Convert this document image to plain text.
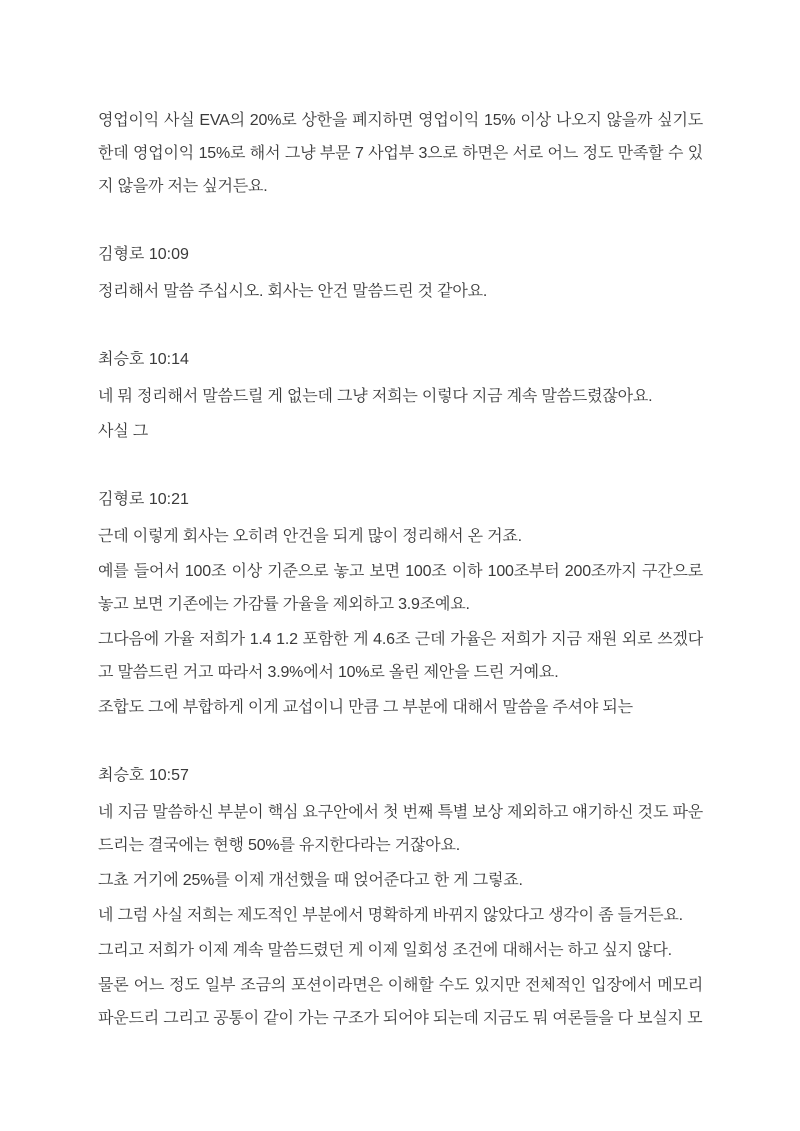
영업이익 사실 EVA의 20%로 상한을 폐지하면 영업이익 15% 이상 나오지 않을까 싶기도 한데 영업이익 15%로 해서 그냥 부문 7 사업부 3으로 하면은 서로 어느 정도 만족할 수 있지 않을까 저는 싶거든요.

김형로 10:09

정리해서 말씀 주십시오. 회사는 안건 말씀드린 것 같아요.

최승호 10:14

네 뭐 정리해서 말씀드릴 게 없는데 그냥 저희는 이렇다 지금 계속 말씀드렸잖아요.

사실 그

김형로 10:21

근데 이렇게 회사는 오히려 안건을 되게 많이 정리해서 온 거죠.

예를 들어서 100조 이상 기준으로 놓고 보면 100조 이하 100조부터 200조까지 구간으로 놓고 보면 기존에는 가감률 가율을 제외하고 3.9조예요.

그다음에 가율 저희가 1.4 1.2 포함한 게 4.6조 근데 가율은 저희가 지금 재원 외로 쓰겠다고 말씀드린 거고 따라서 3.9%에서 10%로 올린 제안을 드린 거예요.

조합도 그에 부합하게 이게 교섭이니 만큼 그 부분에 대해서 말씀을 주셔야 되는

최승호 10:57

네 지금 말씀하신 부분이 핵심 요구안에서 첫 번째 특별 보상 제외하고 얘기하신 것도 파운드리는 결국에는 현행 50%를 유지한다라는 거잖아요.

그쵸 거기에 25%를 이제 개선했을 때 얹어준다고 한 게 그렇죠.

네 그럼 사실 저희는 제도적인 부분에서 명확하게 바뀌지 않았다고 생각이 좀 들거든요.

그리고 저희가 이제 계속 말씀드렸던 게 이제 일회성 조건에 대해서는 하고 싶지 않다.

물론 어느 정도 일부 조금의 포션이라면은 이해할 수도 있지만 전체적인 입장에서 메모리 파운드리 그리고 공통이 같이 가는 구조가 되어야 되는데 지금도 뭐 여론들을 다 보실지 모
